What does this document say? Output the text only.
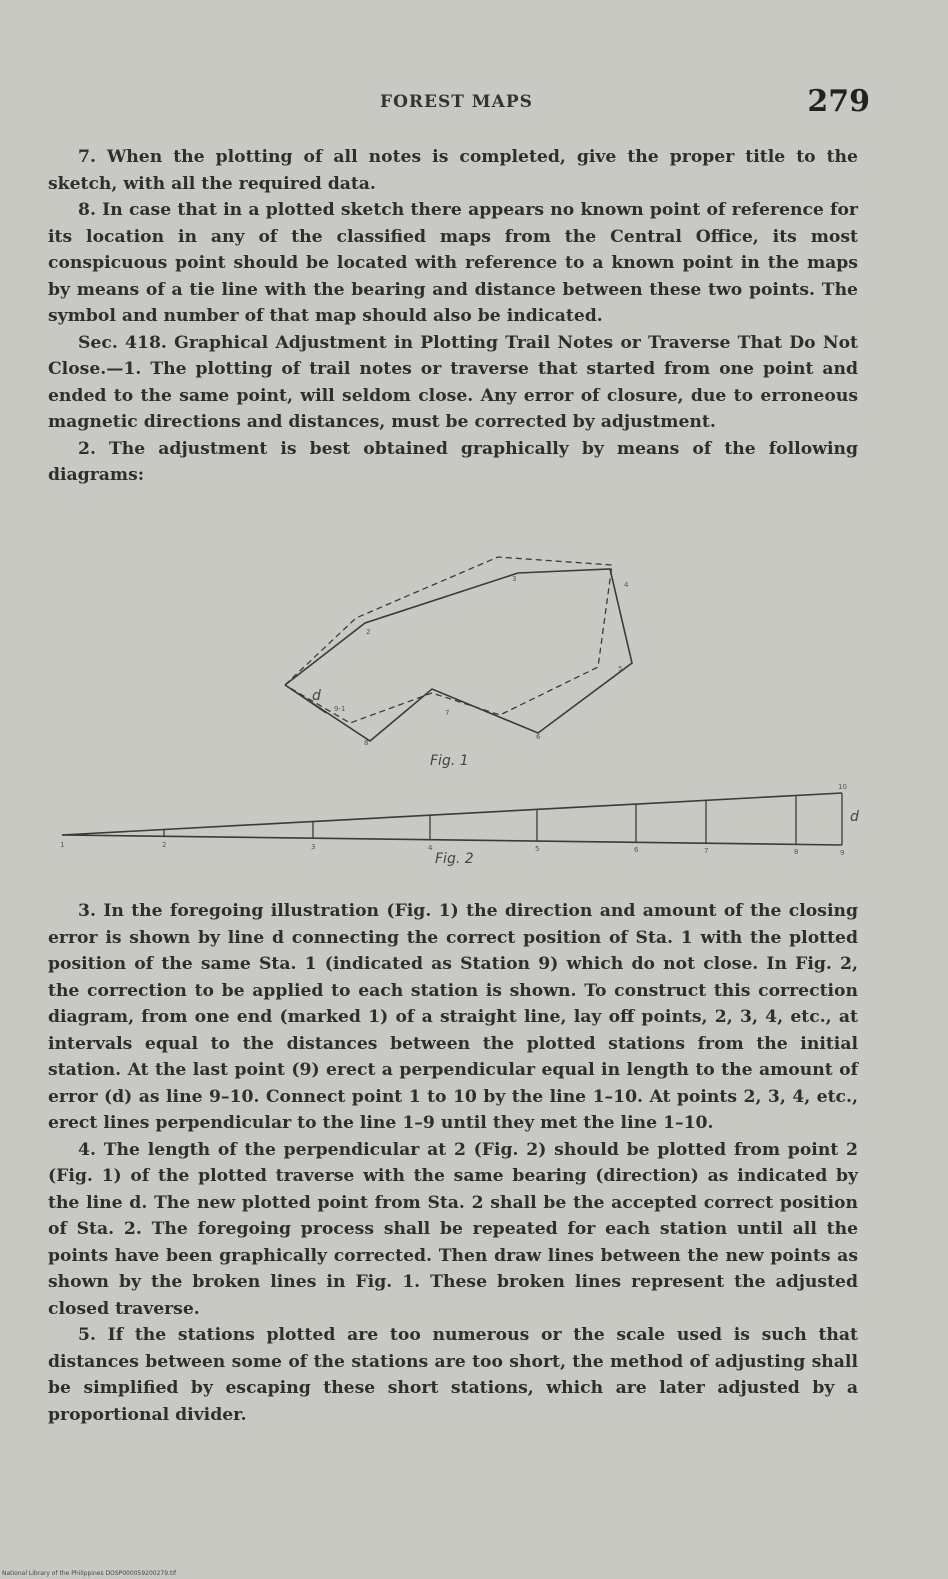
FOREST MAPS	279

7. When the plotting of all notes is completed, give the proper title to the sketch, with all the required data.

8. In case that in a plotted sketch there appears no known point of reference for its location in any of the classified maps from the Central Office, its most conspicuous point should be located with reference to a known point in the maps by means of a tie line with the bearing and distance between these two points. The symbol and number of that map should also be indicated.

Sec. 418. Graphical Adjustment in Plotting Trail Notes or Traverse That Do Not Close.—1. The plotting of trail notes or traverse that started from one point and ended to the same point, will seldom close. Any error of closure, due to erroneous magnetic directions and distances, must be corrected by adjustment.

2. The adjustment is best obtained graphically by means of the following diagrams:

d
9-1
2
3
4
5
6
7
8
Fig. 1
1	2	3	4	5	6	7	8	9
10
d
Fig. 2

3. In the foregoing illustration (Fig. 1) the direction and amount of the closing error is shown by line d connecting the correct position of Sta. 1 with the plotted position of the same Sta. 1 (indicated as Station 9) which do not close. In Fig. 2, the correction to be applied to each station is shown. To construct this correction diagram, from one end (marked 1) of a straight line, lay off points, 2, 3, 4, etc., at intervals equal to the distances between the plotted stations from the initial station. At the last point (9) erect a perpendicular equal in length to the amount of error (d) as line 9–10. Connect point 1 to 10 by the line 1–10. At points 2, 3, 4, etc., erect lines perpendicular to the line 1–9 until they met the line 1–10.

4. The length of the perpendicular at 2 (Fig. 2) should be plotted from point 2 (Fig. 1) of the plotted traverse with the same bearing (direction) as indicated by the line d. The new plotted point from Sta. 2 shall be the accepted correct position of Sta. 2. The foregoing process shall be repeated for each station until all the points have been graphically corrected. Then draw lines between the new points as shown by the broken lines in Fig. 1. These broken lines represent the adjusted closed traverse.

5. If the stations plotted are too numerous or the scale used is such that distances between some of the stations are too short, the method of adjusting shall be simplified by escaping these short stations, which are later adjusted by a proportional divider.

National Library of the Philippines DOSP000059200279.tif
